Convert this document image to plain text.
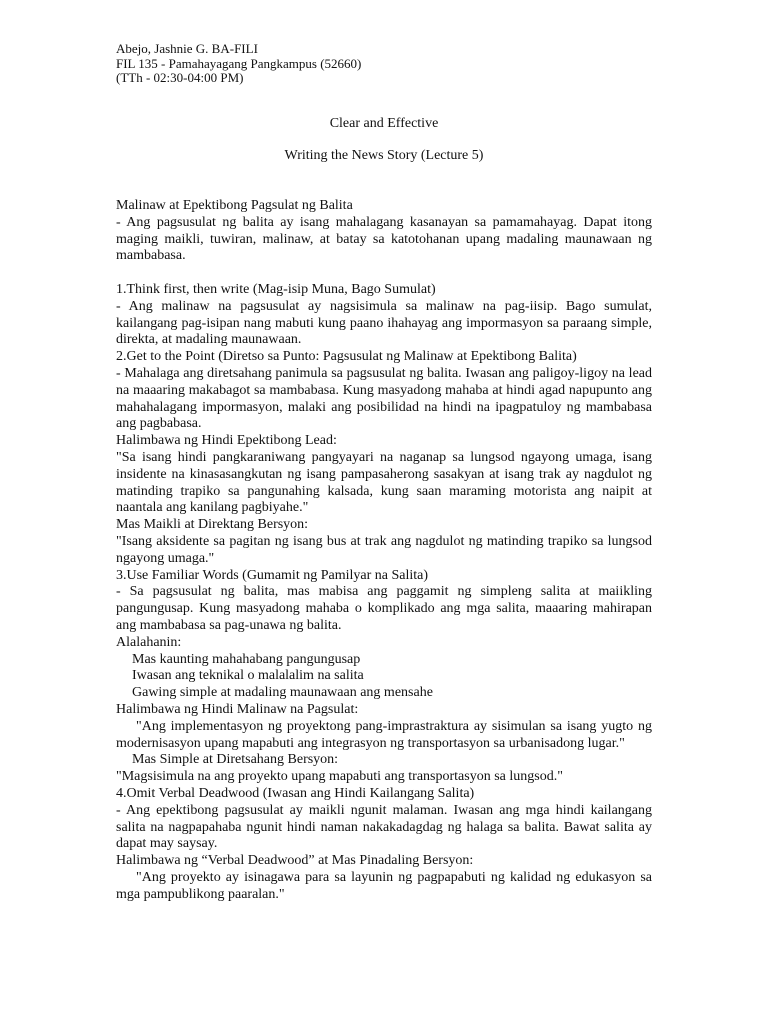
Abejo, Jashnie G. BA-FILI
FIL 135 - Pamahayagang Pangkampus (52660)
(TTh - 02:30-04:00 PM)
Clear and Effective
Writing the News Story (Lecture 5)
Malinaw at Epektibong Pagsulat ng Balita
- Ang pagsusulat ng balita ay isang mahalagang kasanayan sa pamamahayag. Dapat itong maging maikli, tuwiran, malinaw, at batay sa katotohanan upang madaling maunawaan ng mambabasa.
1.Think first, then write (Mag-isip Muna, Bago Sumulat)
- Ang malinaw na pagsusulat ay nagsisimula sa malinaw na pag-iisip. Bago sumulat, kailangang pag-isipan nang mabuti kung paano ihahayag ang impormasyon sa paraang simple, direkta, at madaling maunawaan.
2.Get to the Point (Diretso sa Punto: Pagsusulat ng Malinaw at Epektibong Balita)
- Mahalaga ang diretsahang panimula sa pagsusulat ng balita. Iwasan ang paligoy-ligoy na lead na maaaring makabagot sa mambabasa. Kung masyadong mahaba at hindi agad napupunto ang mahahalagang impormasyon, malaki ang posibilidad na hindi na ipagpatuloy ng mambabasa ang pagbabasa.
Halimbawa ng Hindi Epektibong Lead:
"Sa isang hindi pangkaraniwang pangyayari na naganap sa lungsod ngayong umaga, isang insidente na kinasasangkutan ng isang pampasaherong sasakyan at isang trak ay nagdulot ng matinding trapiko sa pangunahing kalsada, kung saan maraming motorista ang naipit at naantala ang kanilang pagbiyahe."
Mas Maikli at Direktang Bersyon:
"Isang aksidente sa pagitan ng isang bus at trak ang nagdulot ng matinding trapiko sa lungsod ngayong umaga."
3.Use Familiar Words (Gumamit ng Pamilyar na Salita)
- Sa pagsusulat ng balita, mas mabisa ang paggamit ng simpleng salita at maiikling pangungusap. Kung masyadong mahaba o komplikado ang mga salita, maaaring mahirapan ang mambabasa sa pag-unawa ng balita.
Alalahanin:
Mas kaunting mahahabang pangungusap
Iwasan ang teknikal o malalalim na salita
Gawing simple at madaling maunawaan ang mensahe
Halimbawa ng Hindi Malinaw na Pagsulat:
"Ang implementasyon ng proyektong pang-imprastraktura ay sisimulan sa isang yugto ng modernisasyon upang mapabuti ang integrasyon ng transportasyon sa urbanisadong lugar."
Mas Simple at Diretsahang Bersyon:
"Magsisimula na ang proyekto upang mapabuti ang transportasyon sa lungsod."
4.Omit Verbal Deadwood (Iwasan ang Hindi Kailangang Salita)
- Ang epektibong pagsusulat ay maikli ngunit malaman. Iwasan ang mga hindi kailangang salita na nagpapahaba ngunit hindi naman nakakadagdag ng halaga sa balita. Bawat salita ay dapat may saysay.
Halimbawa ng “Verbal Deadwood” at Mas Pinadaling Bersyon:
"Ang proyekto ay isinagawa para sa layunin ng pagpapabuti ng kalidad ng edukasyon sa mga pampublikong paaralan."
